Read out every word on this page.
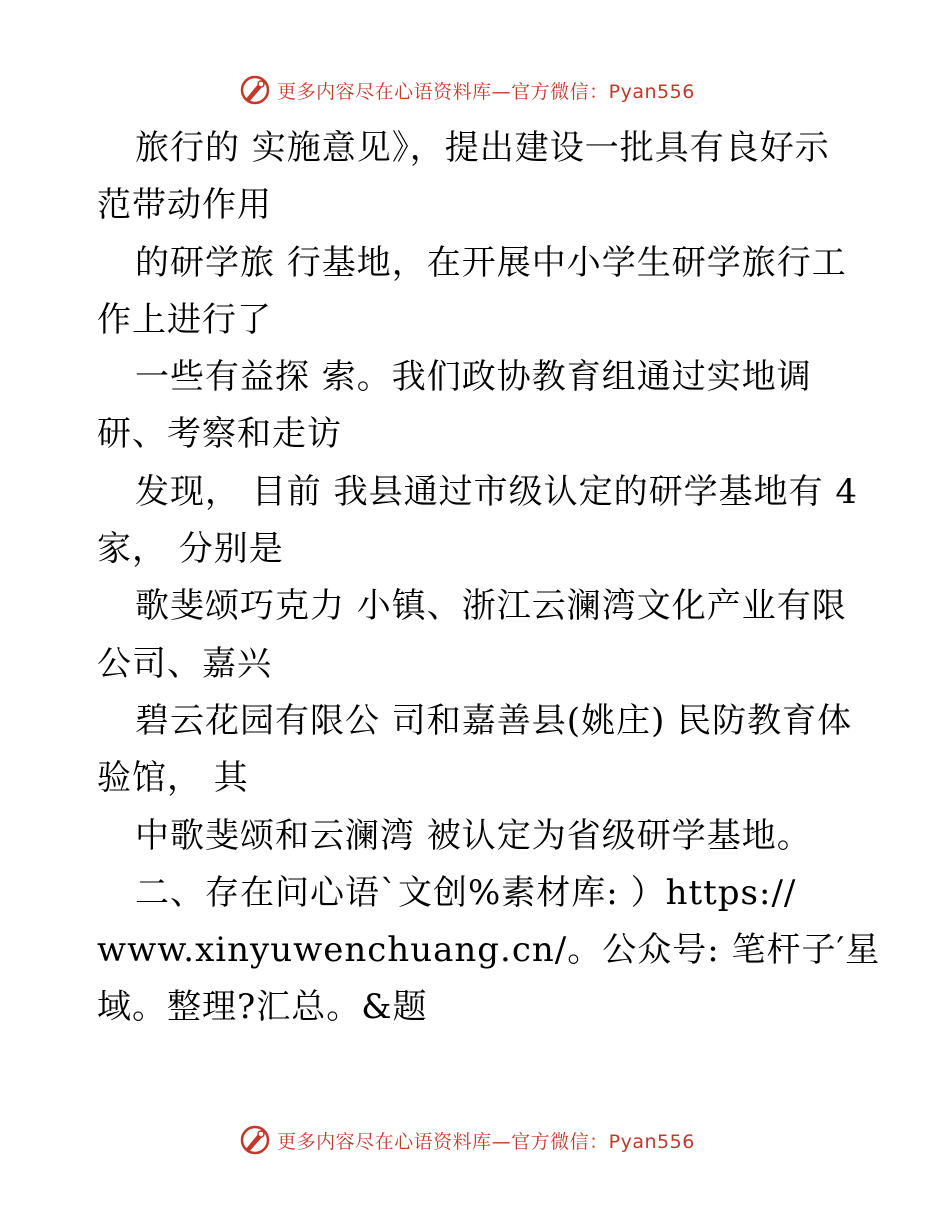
更多内容尽在心语资料库—官方微信：Pyan556
旅行的 实施意见》，提出建设一批具有良好示
范带动作用
的研学旅 行基地，在开展中小学生研学旅行工
作上进行了
一些有益探 索。我们政协教育组通过实地调
研、考察和走访
发现， 目前 我县通过市级认定的研学基地有 4
家， 分别是
歌斐颂巧克力 小镇、浙江云澜湾文化产业有限
公司、嘉兴
碧云花园有限公 司和嘉善县(姚庄) 民防教育体
验馆， 其
中歌斐颂和云澜湾 被认定为省级研学基地。
二、存在问心语`文创%素材库: ）https://
www.xinyuwenchuang.cn/。公众号: 笔杆子′星
域。整理?汇总。&题
更多内容尽在心语资料库—官方微信：Pyan556
